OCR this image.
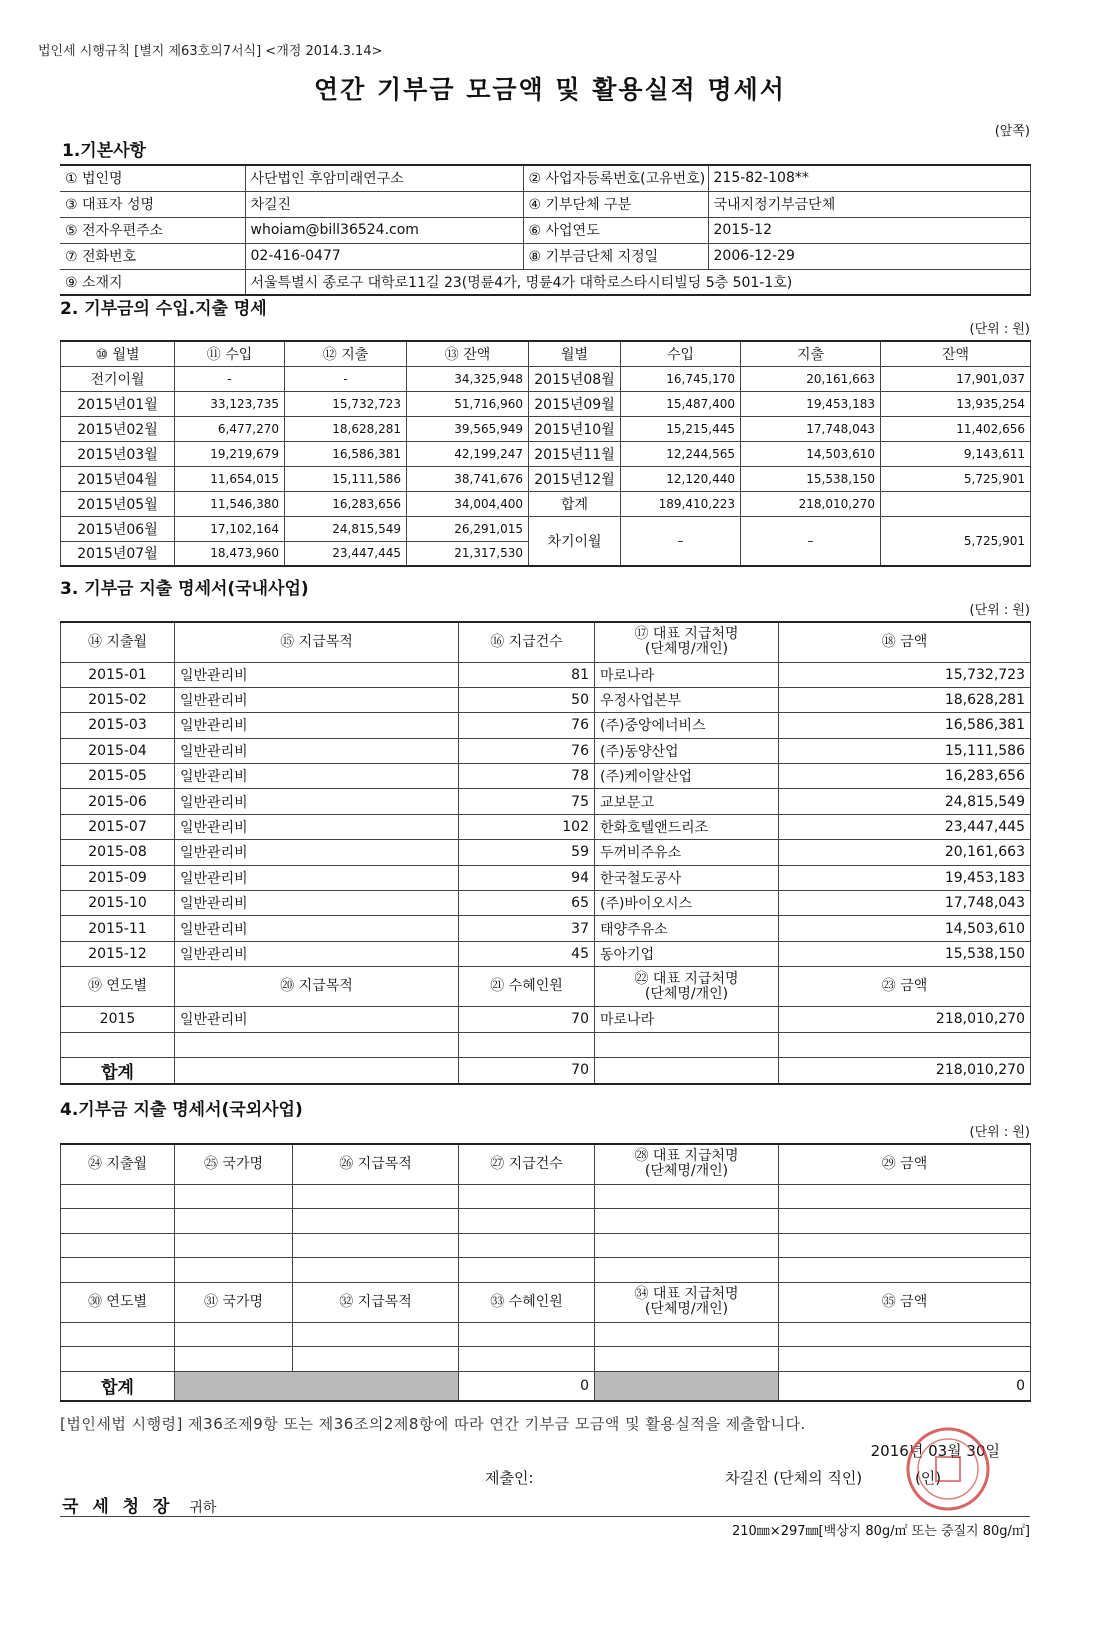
법인세 시행규칙 [별지 제63호의7서식] <개정 2014.3.14>
연간 기부금 모금액 및 활용실적 명세서
(앞쪽)
1.기본사항
① 법인명	사단법인 후암미래연구소	② 사업자등록번호(고유번호)	215-82-108**
③ 대표자 성명	차길진	④ 기부단체 구분	국내지정기부금단체
⑤ 전자우편주소	whoiam@bill36524.com	⑥ 사업연도	2015-12
⑦ 전화번호	02-416-0477	⑧ 기부금단체 지정일	2006-12-29
⑨ 소재지	서울특별시 종로구 대학로11길 23(명륜4가, 명륜4가 대학로스타시티빌딩 5층 501-1호)		
2. 기부금의 수입.지출 명세
(단위 : 원)
⑩ 월별	⑪ 수입	⑫ 지출	⑬ 잔액	월별	수입	지출	잔액
전기이월	-	-	34,325,948	2015년08월	16,745,170	20,161,663	17,901,037
2015년01월	33,123,735	15,732,723	51,716,960	2015년09월	15,487,400	19,453,183	13,935,254
2015년02월	6,477,270	18,628,281	39,565,949	2015년10월	15,215,445	17,748,043	11,402,656
2015년03월	19,219,679	16,586,381	42,199,247	2015년11월	12,244,565	14,503,610	9,143,611
2015년04월	11,654,015	15,111,586	38,741,676	2015년12월	12,120,440	15,538,150	5,725,901
2015년05월	11,546,380	16,283,656	34,004,400	합계	189,410,223	218,010,270	
2015년06월	17,102,164	24,815,549	26,291,015	차기이월	–	–	5,725,901
2015년07월	18,473,960	23,447,445	21,317,530				
3. 기부금 지출 명세서(국내사업)
(단위 : 원)
⑭ 지출월	⑮ 지급목적	⑯ 지급건수	⑰ 대표 지급처명
(단체명/개인)	⑱ 금액
2015-01	일반관리비	81	마로나라	15,732,723
2015-02	일반관리비	50	우정사업본부	18,628,281
2015-03	일반관리비	76	(주)중앙에너비스	16,586,381
2015-04	일반관리비	76	(주)동양산업	15,111,586
2015-05	일반관리비	78	(주)케이알산업	16,283,656
2015-06	일반관리비	75	교보문고	24,815,549
2015-07	일반관리비	102	한화호텔앤드리조	23,447,445
2015-08	일반관리비	59	두꺼비주유소	20,161,663
2015-09	일반관리비	94	한국철도공사	19,453,183
2015-10	일반관리비	65	(주)바이오시스	17,748,043
2015-11	일반관리비	37	태양주유소	14,503,610
2015-12	일반관리비	45	동아기업	15,538,150
⑲ 연도별	⑳ 지급목적	㉑ 수혜인원	㉒ 대표 지급처명
(단체명/개인)	㉓ 금액
2015	일반관리비	70	마로나라	218,010,270

합계		70		218,010,270
4.기부금 지출 명세서(국외사업)
(단위 : 원)
㉔ 지출월	㉕ 국가명	㉖ 지급목적	㉗ 지급건수	㉘ 대표 지급처명
(단체명/개인)	㉙ 금액

㉚ 연도별	㉛ 국가명	㉜ 지급목적	㉝ 수혜인원	㉞ 대표 지급처명
(단체명/개인)	㉟ 금액

합계			0		0
[법인세법 시행령] 제36조제9항 또는 제36조의2제8항에 따라 연간 기부금 모금액 및 활용실적을 제출합니다.
2016년 03월 30일
제출인:	차길진 (단체의 직인)	(인)
국 세 청 장 귀하
210㎜×297㎜[백상지 80g/㎡ 또는 중질지 80g/㎡]
